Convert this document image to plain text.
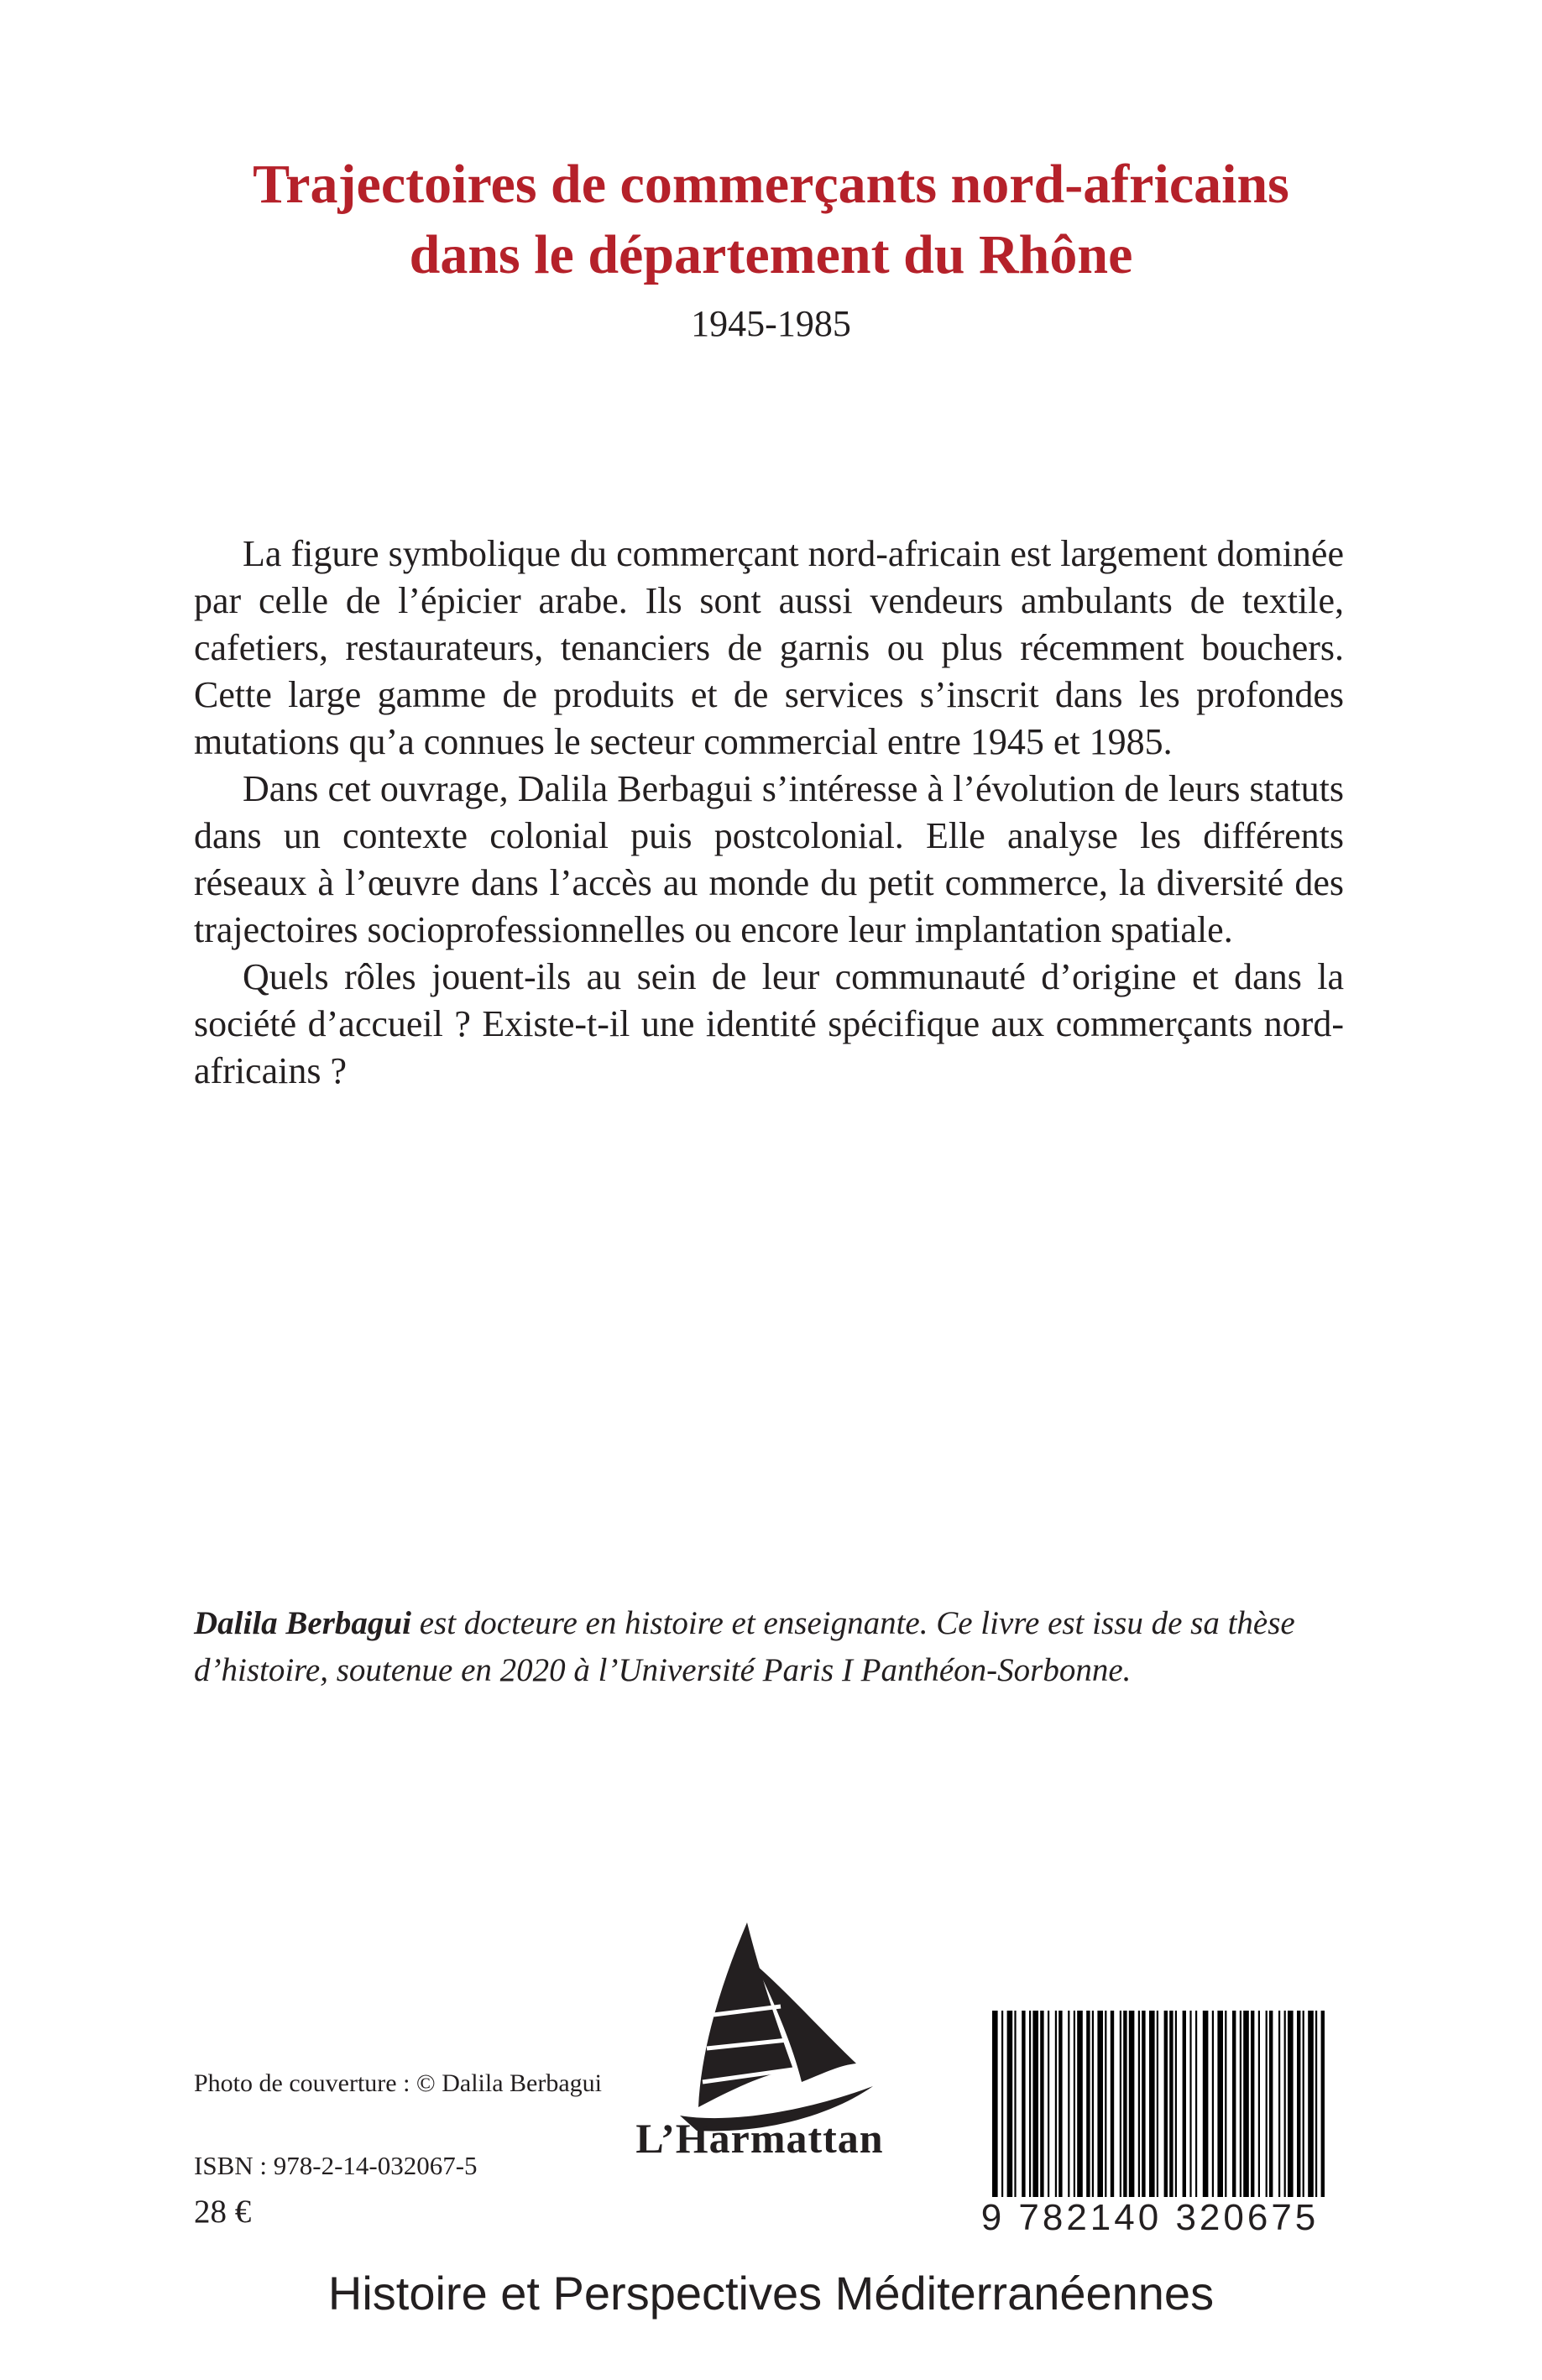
Trajectoires de commerçants nord-africains
dans le département du Rhône

1945-1985

La figure symbolique du commerçant nord-africain est largement dominée par celle de l’épicier arabe. Ils sont aussi vendeurs ambulants de textile, cafetiers, restaurateurs, tenanciers de garnis ou plus récemment bouchers. Cette large gamme de produits et de services s’inscrit dans les profondes mutations qu’a connues le secteur commercial entre 1945 et 1985.

Dans cet ouvrage, Dalila Berbagui s’intéresse à l’évolution de leurs statuts dans un contexte colonial puis postcolonial. Elle analyse les différents réseaux à l’œuvre dans l’accès au monde du petit commerce, la diversité des trajectoires socioprofessionnelles ou encore leur implantation spatiale.

Quels rôles jouent-ils au sein de leur communauté d’origine et dans la société d’accueil ? Existe-t-il une identité spécifique aux commerçants nord-africains ?

Dalila Berbagui est docteure en histoire et enseignante. Ce livre est issu de sa thèse d’histoire, soutenue en 2020 à l’Université Paris I Panthéon-Sorbonne.

Photo de couverture : © Dalila Berbagui

ISBN : 978-2-14-032067-5

28 €

L’Harmattan

9 782140 320675

Histoire et Perspectives Méditerranéennes
